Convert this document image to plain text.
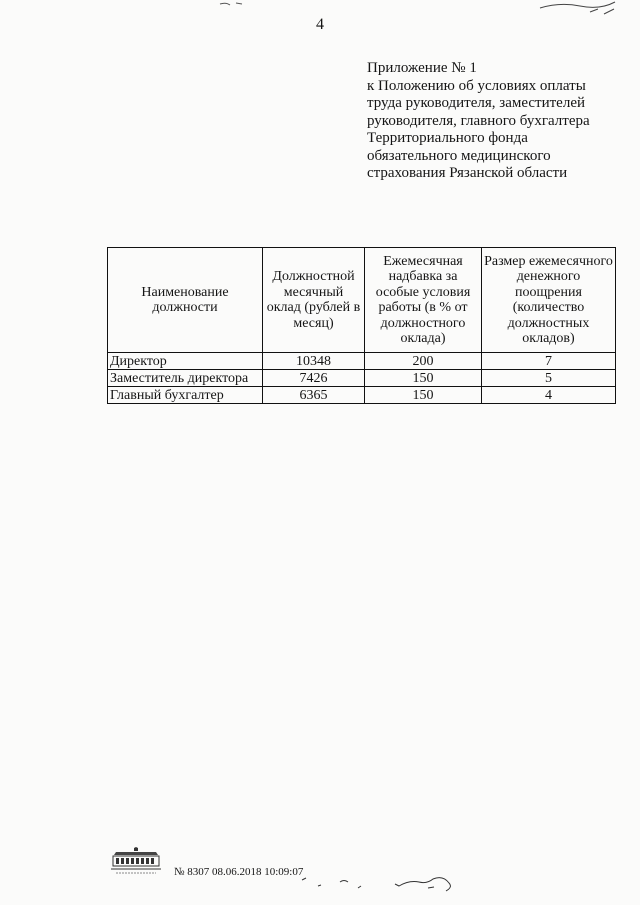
4
Приложение № 1
к Положению об условиях оплаты
труда руководителя, заместителей
руководителя, главного бухгалтера
Территориального фонда
обязательного медицинского
страхования Рязанской области
Наименование должности	Должностной месячный оклад (рублей в месяц)	Ежемесячная надбавка за особые условия работы (в % от должностного оклада)	Размер ежемесячного денежного поощрения (количество должностных окладов)
Директор	10348	200	7
Заместитель директора	7426	150	5
Главный бухгалтер	6365	150	4
№ 8307 08.06.2018 10:09:07
